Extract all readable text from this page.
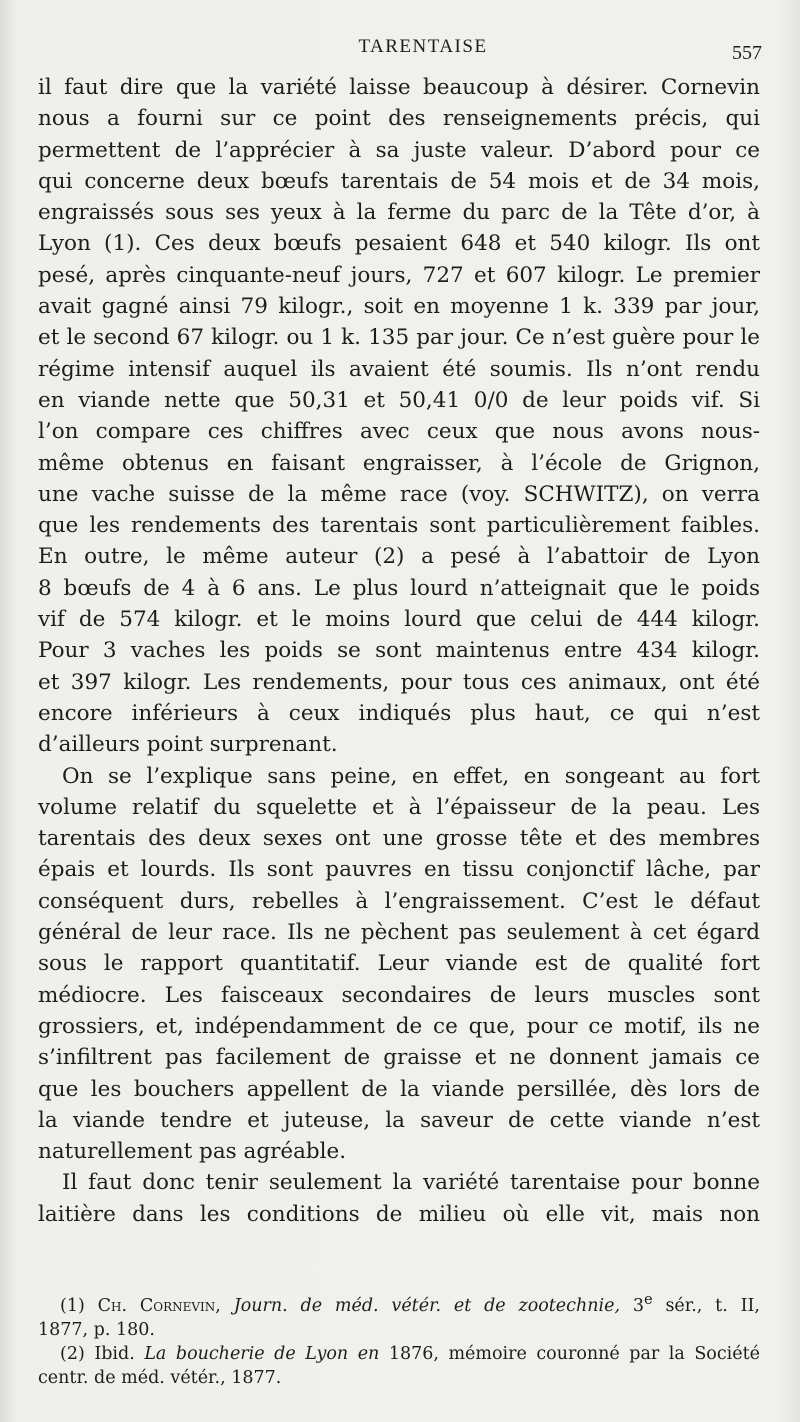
TARENTAISE	557
il faut dire que la variété laisse beaucoup à désirer. Cornevin
nous a fourni sur ce point des renseignements précis, qui
permettent de l’apprécier à sa juste valeur. D’abord pour ce
qui concerne deux bœufs tarentais de 54 mois et de 34 mois,
engraissés sous ses yeux à la ferme du parc de la Tête d’or, à
Lyon (1). Ces deux bœufs pesaient 648 et 540 kilogr. Ils ont
pesé, après cinquante-neuf jours, 727 et 607 kilogr. Le premier
avait gagné ainsi 79 kilogr., soit en moyenne 1 k. 339 par jour,
et le second 67 kilogr. ou 1 k. 135 par jour. Ce n’est guère pour le
régime intensif auquel ils avaient été soumis. Ils n’ont rendu
en viande nette que 50,31 et 50,41 0/0 de leur poids vif. Si
l’on compare ces chiffres avec ceux que nous avons nous-
même obtenus en faisant engraisser, à l’école de Grignon,
une vache suisse de la même race (voy. SCHWITZ), on verra
que les rendements des tarentais sont particulièrement faibles.
En outre, le même auteur (2) a pesé à l’abattoir de Lyon
8 bœufs de 4 à 6 ans. Le plus lourd n’atteignait que le poids
vif de 574 kilogr. et le moins lourd que celui de 444 kilogr.
Pour 3 vaches les poids se sont maintenus entre 434 kilogr.
et 397 kilogr. Les rendements, pour tous ces animaux, ont été
encore inférieurs à ceux indiqués plus haut, ce qui n’est
d’ailleurs point surprenant.
On se l’explique sans peine, en effet, en songeant au fort
volume relatif du squelette et à l’épaisseur de la peau. Les
tarentais des deux sexes ont une grosse tête et des membres
épais et lourds. Ils sont pauvres en tissu conjonctif lâche, par
conséquent durs, rebelles à l’engraissement. C’est le défaut
général de leur race. Ils ne pèchent pas seulement à cet égard
sous le rapport quantitatif. Leur viande est de qualité fort
médiocre. Les faisceaux secondaires de leurs muscles sont
grossiers, et, indépendamment de ce que, pour ce motif, ils ne
s’infiltrent pas facilement de graisse et ne donnent jamais ce
que les bouchers appellent de la viande persillée, dès lors de
la viande tendre et juteuse, la saveur de cette viande n’est
naturellement pas agréable.
Il faut donc tenir seulement la variété tarentaise pour bonne
laitière dans les conditions de milieu où elle vit, mais non
(1) Ch. Cornevin, Journ. de méd. vétér. et de zootechnie, 3e sér., t. II,
1877, p. 180.
(2) Ibid. La boucherie de Lyon en 1876, mémoire couronné par la Société
centr. de méd. vétér., 1877.
